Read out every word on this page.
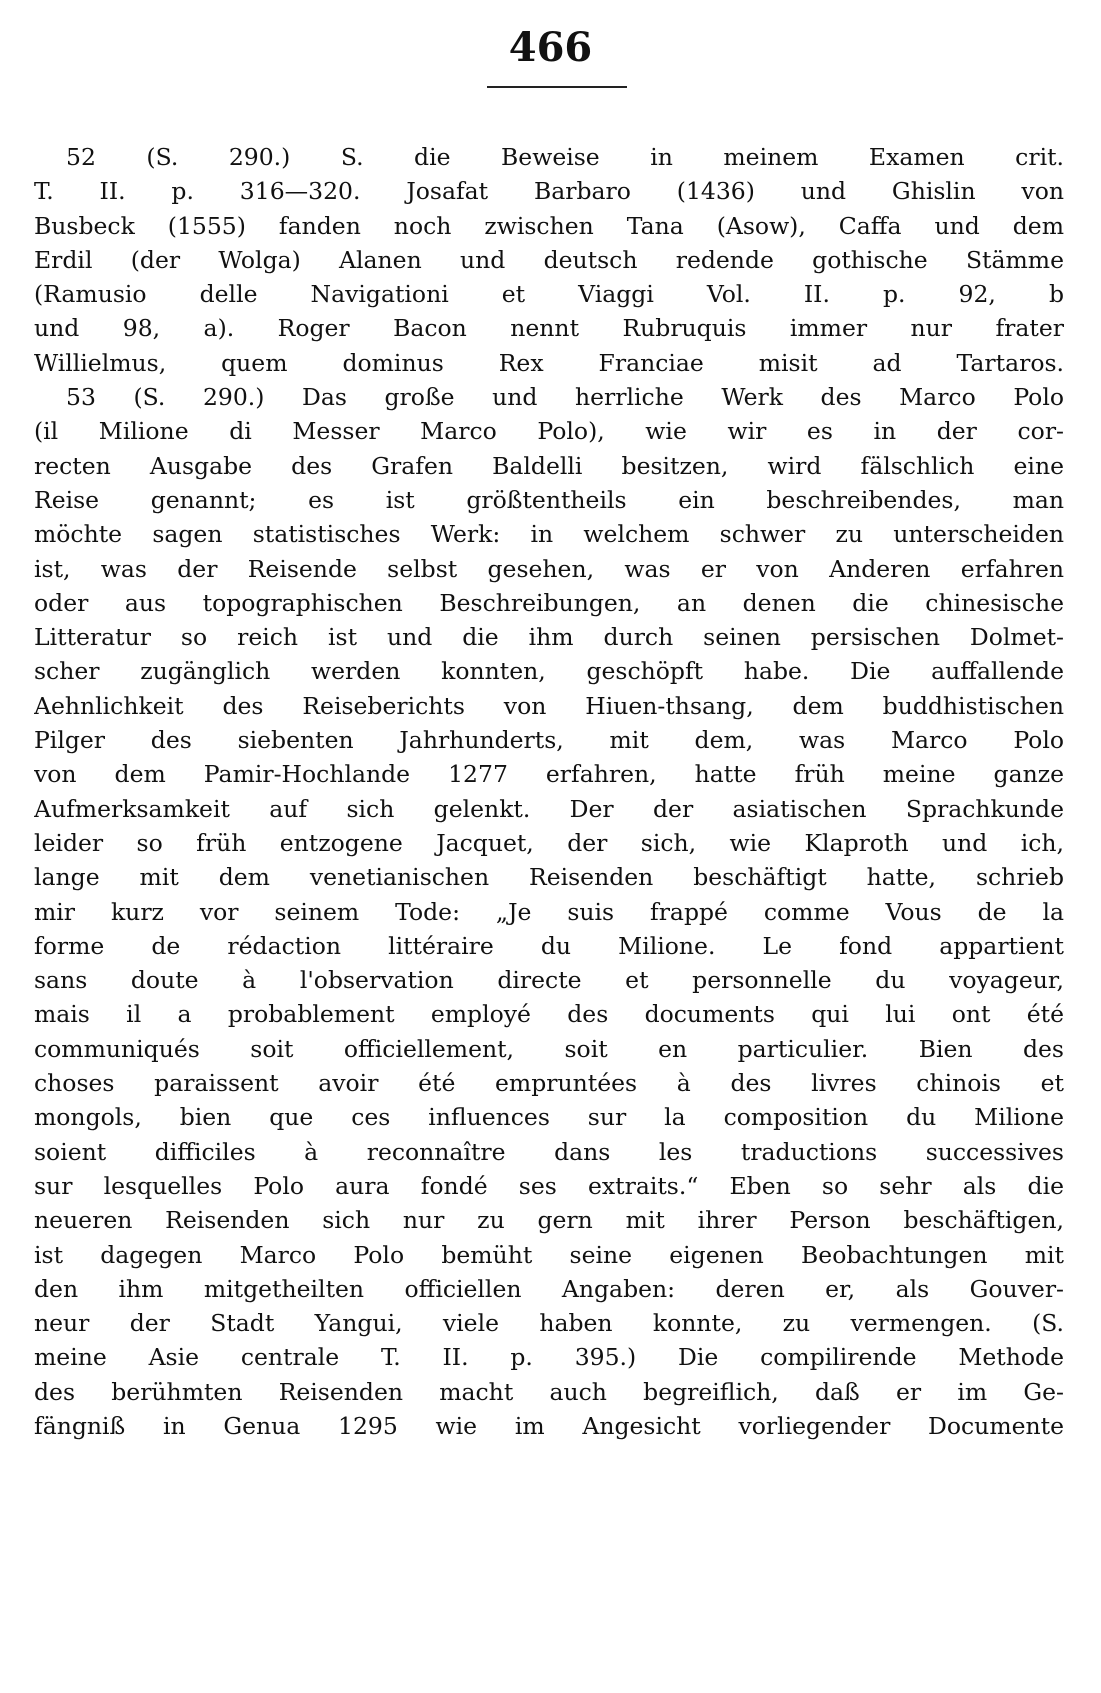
466
52 (S. 290.) S. die Beweise in meinem Examen crit.
T. II. p. 316—320. Josafat Barbaro (1436) und Ghislin von
Busbeck (1555) fanden noch zwischen Tana (Asow), Caffa und dem
Erdil (der Wolga) Alanen und deutsch redende gothische Stämme
(Ramusio delle Navigationi et Viaggi Vol. II. p. 92, b
und 98, a). Roger Bacon nennt Rubruquis immer nur frater
Willielmus, quem dominus Rex Franciae misit ad Tartaros.
53 (S. 290.) Das große und herrliche Werk des Marco Polo
(il Milione di Messer Marco Polo), wie wir es in der cor-
recten Ausgabe des Grafen Baldelli besitzen, wird fälschlich eine
Reise genannt; es ist größtentheils ein beschreibendes, man
möchte sagen statistisches Werk: in welchem schwer zu unterscheiden
ist, was der Reisende selbst gesehen, was er von Anderen erfahren
oder aus topographischen Beschreibungen, an denen die chinesische
Litteratur so reich ist und die ihm durch seinen persischen Dolmet-
scher zugänglich werden konnten, geschöpft habe. Die auffallende
Aehnlichkeit des Reiseberichts von Hiuen-thsang, dem buddhistischen
Pilger des siebenten Jahrhunderts, mit dem, was Marco Polo
von dem Pamir-Hochlande 1277 erfahren, hatte früh meine ganze
Aufmerksamkeit auf sich gelenkt. Der der asiatischen Sprachkunde
leider so früh entzogene Jacquet, der sich, wie Klaproth und ich,
lange mit dem venetianischen Reisenden beschäftigt hatte, schrieb
mir kurz vor seinem Tode: „Je suis frappé comme Vous de la
forme de rédaction littéraire du Milione. Le fond appartient
sans doute à l'observation directe et personnelle du voyageur,
mais il a probablement employé des documents qui lui ont été
communiqués soit officiellement, soit en particulier. Bien des
choses paraissent avoir été empruntées à des livres chinois et
mongols, bien que ces influences sur la composition du Milione
soient difficiles à reconnaître dans les traductions successives
sur lesquelles Polo aura fondé ses extraits.“ Eben so sehr als die
neueren Reisenden sich nur zu gern mit ihrer Person beschäftigen,
ist dagegen Marco Polo bemüht seine eigenen Beobachtungen mit
den ihm mitgetheilten officiellen Angaben: deren er, als Gouver-
neur der Stadt Yangui, viele haben konnte, zu vermengen. (S.
meine Asie centrale T. II. p. 395.) Die compilirende Methode
des berühmten Reisenden macht auch begreiflich, daß er im Ge-
fängniß in Genua 1295 wie im Angesicht vorliegender Documente
